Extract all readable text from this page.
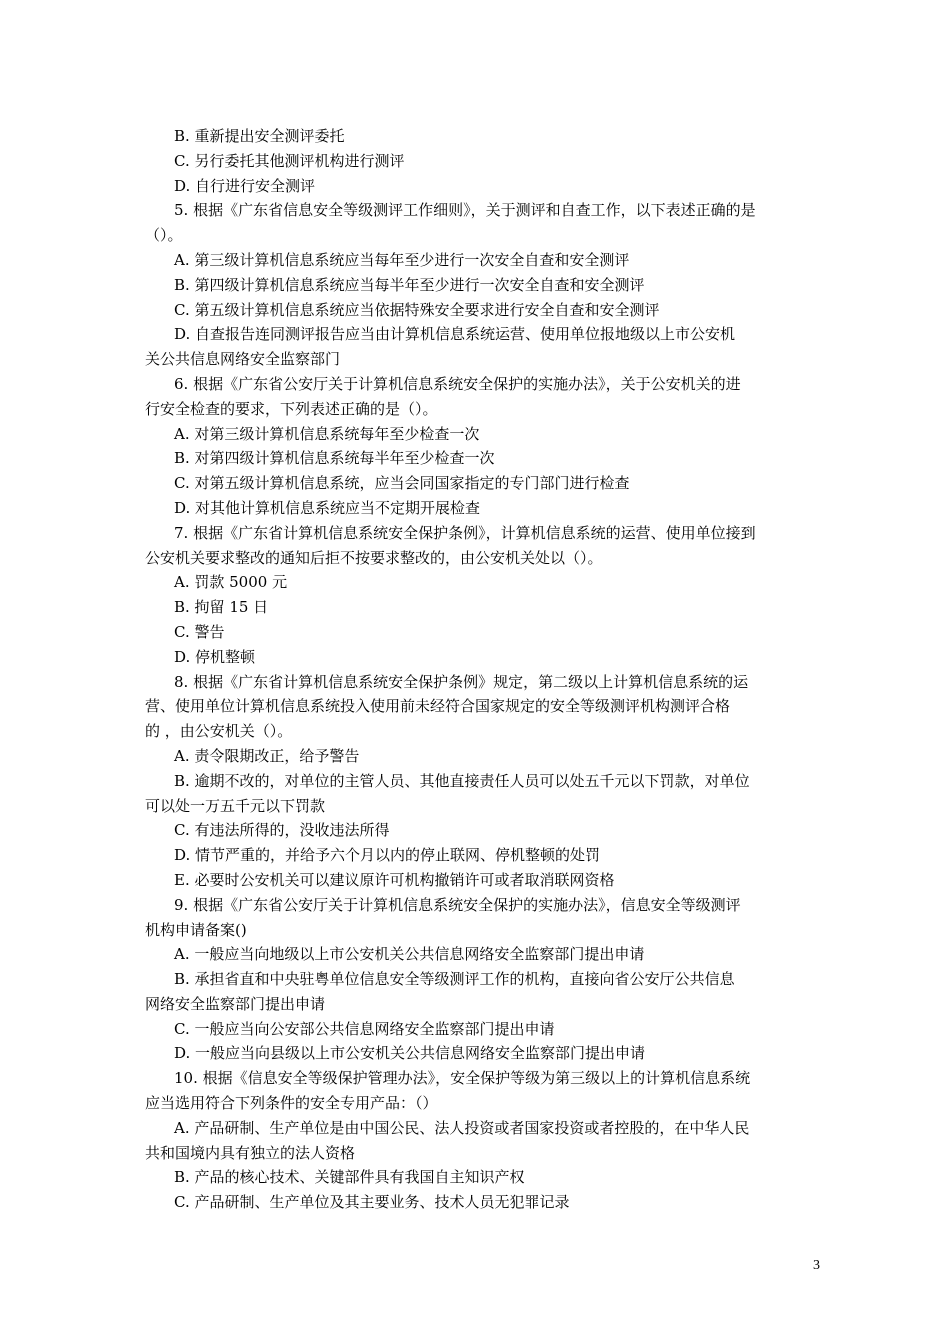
B. 重新提出安全测评委托
C. 另行委托其他测评机构进行测评
D. 自行进行安全测评
5. 根据《广东省信息安全等级测评工作细则》，关于测评和自查工作，以下表述正确的是
（）。
A. 第三级计算机信息系统应当每年至少进行一次安全自查和安全测评
B. 第四级计算机信息系统应当每半年至少进行一次安全自查和安全测评
C. 第五级计算机信息系统应当依据特殊安全要求进行安全自查和安全测评
D. 自查报告连同测评报告应当由计算机信息系统运营、使用单位报地级以上市公安机
关公共信息网络安全监察部门
6. 根据《广东省公安厅关于计算机信息系统安全保护的实施办法》，关于公安机关的进
行安全检查的要求，下列表述正确的是（）。
A. 对第三级计算机信息系统每年至少检查一次
B. 对第四级计算机信息系统每半年至少检查一次
C. 对第五级计算机信息系统，应当会同国家指定的专门部门进行检查
D. 对其他计算机信息系统应当不定期开展检查
7. 根据《广东省计算机信息系统安全保护条例》，计算机信息系统的运营、使用单位接到
公安机关要求整改的通知后拒不按要求整改的，由公安机关处以（）。
A. 罚款 5000 元
B. 拘留 15 日
C. 警告
D. 停机整顿
8. 根据《广东省计算机信息系统安全保护条例》规定，第二级以上计算机信息系统的运
营、使用单位计算机信息系统投入使用前未经符合国家规定的安全等级测评机构测评合格
的 ，由公安机关（）。
A. 责令限期改正，给予警告
B. 逾期不改的，对单位的主管人员、其他直接责任人员可以处五千元以下罚款，对单位
可以处一万五千元以下罚款
C. 有违法所得的，没收违法所得
D. 情节严重的，并给予六个月以内的停止联网、停机整顿的处罚
E. 必要时公安机关可以建议原许可机构撤销许可或者取消联网资格
9. 根据《广东省公安厅关于计算机信息系统安全保护的实施办法》，信息安全等级测评
机构申请备案()
A. 一般应当向地级以上市公安机关公共信息网络安全监察部门提出申请
B. 承担省直和中央驻粤单位信息安全等级测评工作的机构，直接向省公安厅公共信息
网络安全监察部门提出申请
C. 一般应当向公安部公共信息网络安全监察部门提出申请
D. 一般应当向县级以上市公安机关公共信息网络安全监察部门提出申请
10. 根据《信息安全等级保护管理办法》，安全保护等级为第三级以上的计算机信息系统
应当选用符合下列条件的安全专用产品：（）
A. 产品研制、生产单位是由中国公民、法人投资或者国家投资或者控股的，在中华人民
共和国境内具有独立的法人资格
B. 产品的核心技术、关键部件具有我国自主知识产权
C. 产品研制、生产单位及其主要业务、技术人员无犯罪记录
3
